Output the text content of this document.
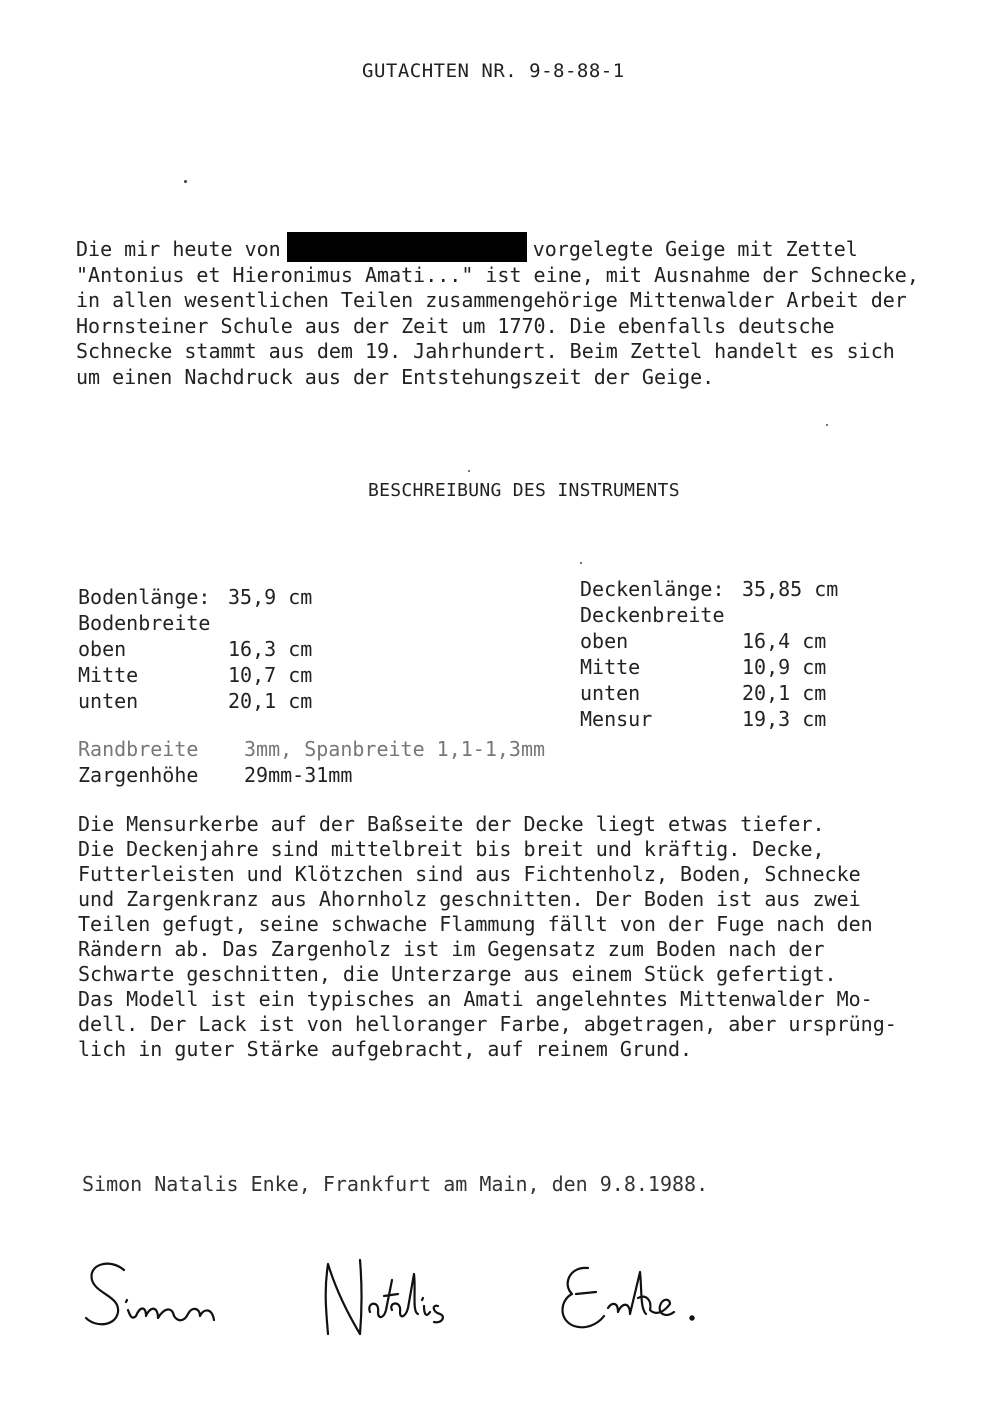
GUTACHTEN NR. 9-8-88-1
Die mir heute von	vorgelegte Geige mit Zettel
"Antonius et Hieronimus Amati..." ist eine, mit Ausnahme der Schnecke,
in allen wesentlichen Teilen zusammengehörige Mittenwalder Arbeit der
Hornsteiner Schule aus der Zeit um 1770. Die ebenfalls deutsche
Schnecke stammt aus dem 19. Jahrhundert. Beim Zettel handelt es sich
um einen Nachdruck aus der Entstehungszeit der Geige.
BESCHREIBUNG DES INSTRUMENTS
Bodenlänge: 35,9 cm
Bodenbreite
oben	16,3 cm
Mitte	10,7 cm
unten	20,1 cm
Deckenlänge: 35,85 cm
Deckenbreite
oben	16,4 cm
Mitte	10,9 cm
unten	20,1 cm
Mensur	19,3 cm
Randbreite 3mm, Spanbreite 1,1-1,3mm
Zargenhöhe 29mm-31mm
Die Mensurkerbe auf der Baßseite der Decke liegt etwas tiefer.
Die Deckenjahre sind mittelbreit bis breit und kräftig. Decke,
Futterleisten und Klötzchen sind aus Fichtenholz, Boden, Schnecke
und Zargenkranz aus Ahornholz geschnitten. Der Boden ist aus zwei
Teilen gefugt, seine schwache Flammung fällt von der Fuge nach den
Rändern ab. Das Zargenholz ist im Gegensatz zum Boden nach der
Schwarte geschnitten, die Unterzarge aus einem Stück gefertigt.
Das Modell ist ein typisches an Amati angelehntes Mittenwalder Mo-
dell. Der Lack ist von helloranger Farbe, abgetragen, aber ursprüng-
lich in guter Stärke aufgebracht, auf reinem Grund.
Simon Natalis Enke, Frankfurt am Main, den 9.8.1988.
